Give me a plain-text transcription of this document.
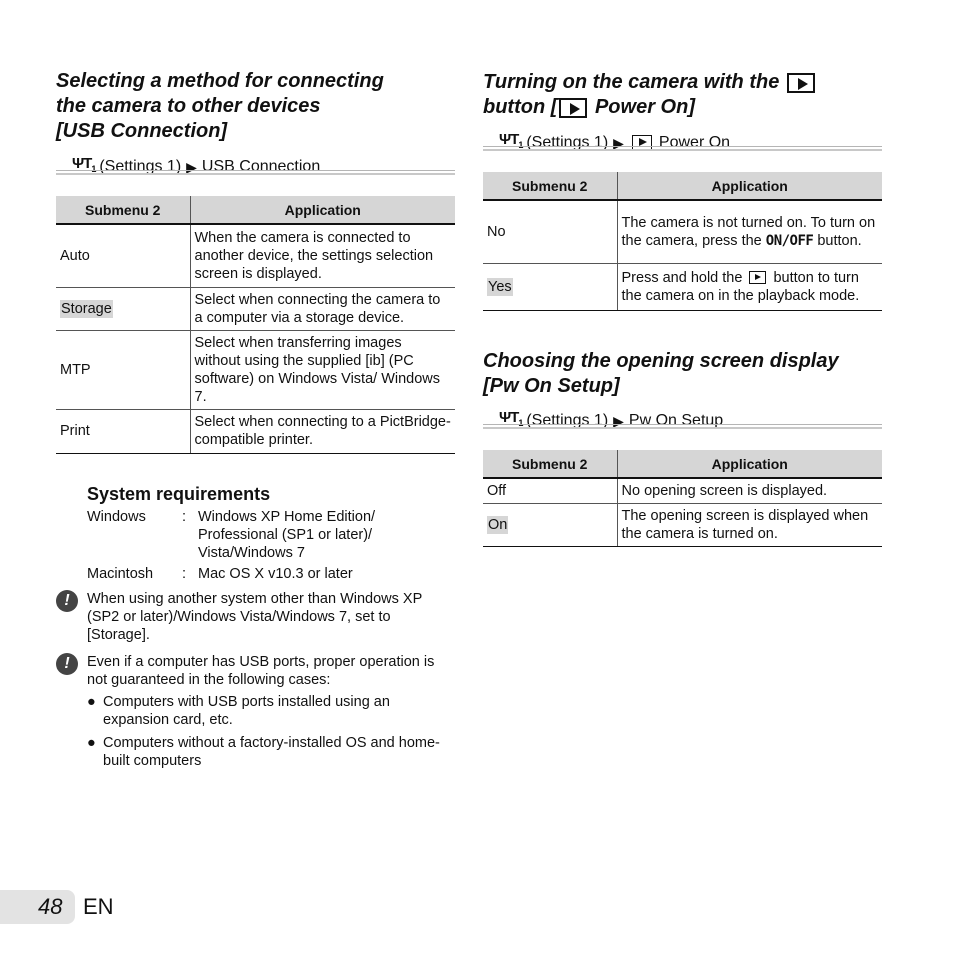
Selecting a method for connecting
the camera to other devices
[USB Connection]
$\Psi T_1$ (Settings 1) ▶ USB Connection
Submenu 2	Application
Auto	When the camera is connected to another device, the settings selection screen is displayed.
Storage	Select when connecting the camera to a computer via a storage device.
MTP	Select when transferring images without using the supplied [ib] (PC software) on Windows Vista/ Windows 7.
Print	Select when connecting to a PictBridge-compatible printer.
System requirements
Windows	: Windows XP Home Edition/ Professional (SP1 or later)/ Vista/Windows 7
Macintosh	: Mac OS X v10.3 or later
!	When using another system other than Windows XP (SP2 or later)/Windows Vista/Windows 7, set to [Storage].
!	Even if a computer has USB ports, proper operation is not guaranteed in the following cases:
● Computers with USB ports installed using an expansion card, etc.
● Computers without a factory-installed OS and home-built computers
Turning on the camera with the
button [ Power On]
$\Psi T_1$ (Settings 1) ▶ Power On
Submenu 2	Application
No	The camera is not turned on. To turn on the camera, press the ON/OFF button.
Yes	Press and hold the  button to turn the camera on in the playback mode.
Choosing the opening screen display
[Pw On Setup]
$\Psi T_1$ (Settings 1) ▶ Pw On Setup
Submenu 2	Application
Off	No opening screen is displayed.
On	The opening screen is displayed when the camera is turned on.
48 EN
